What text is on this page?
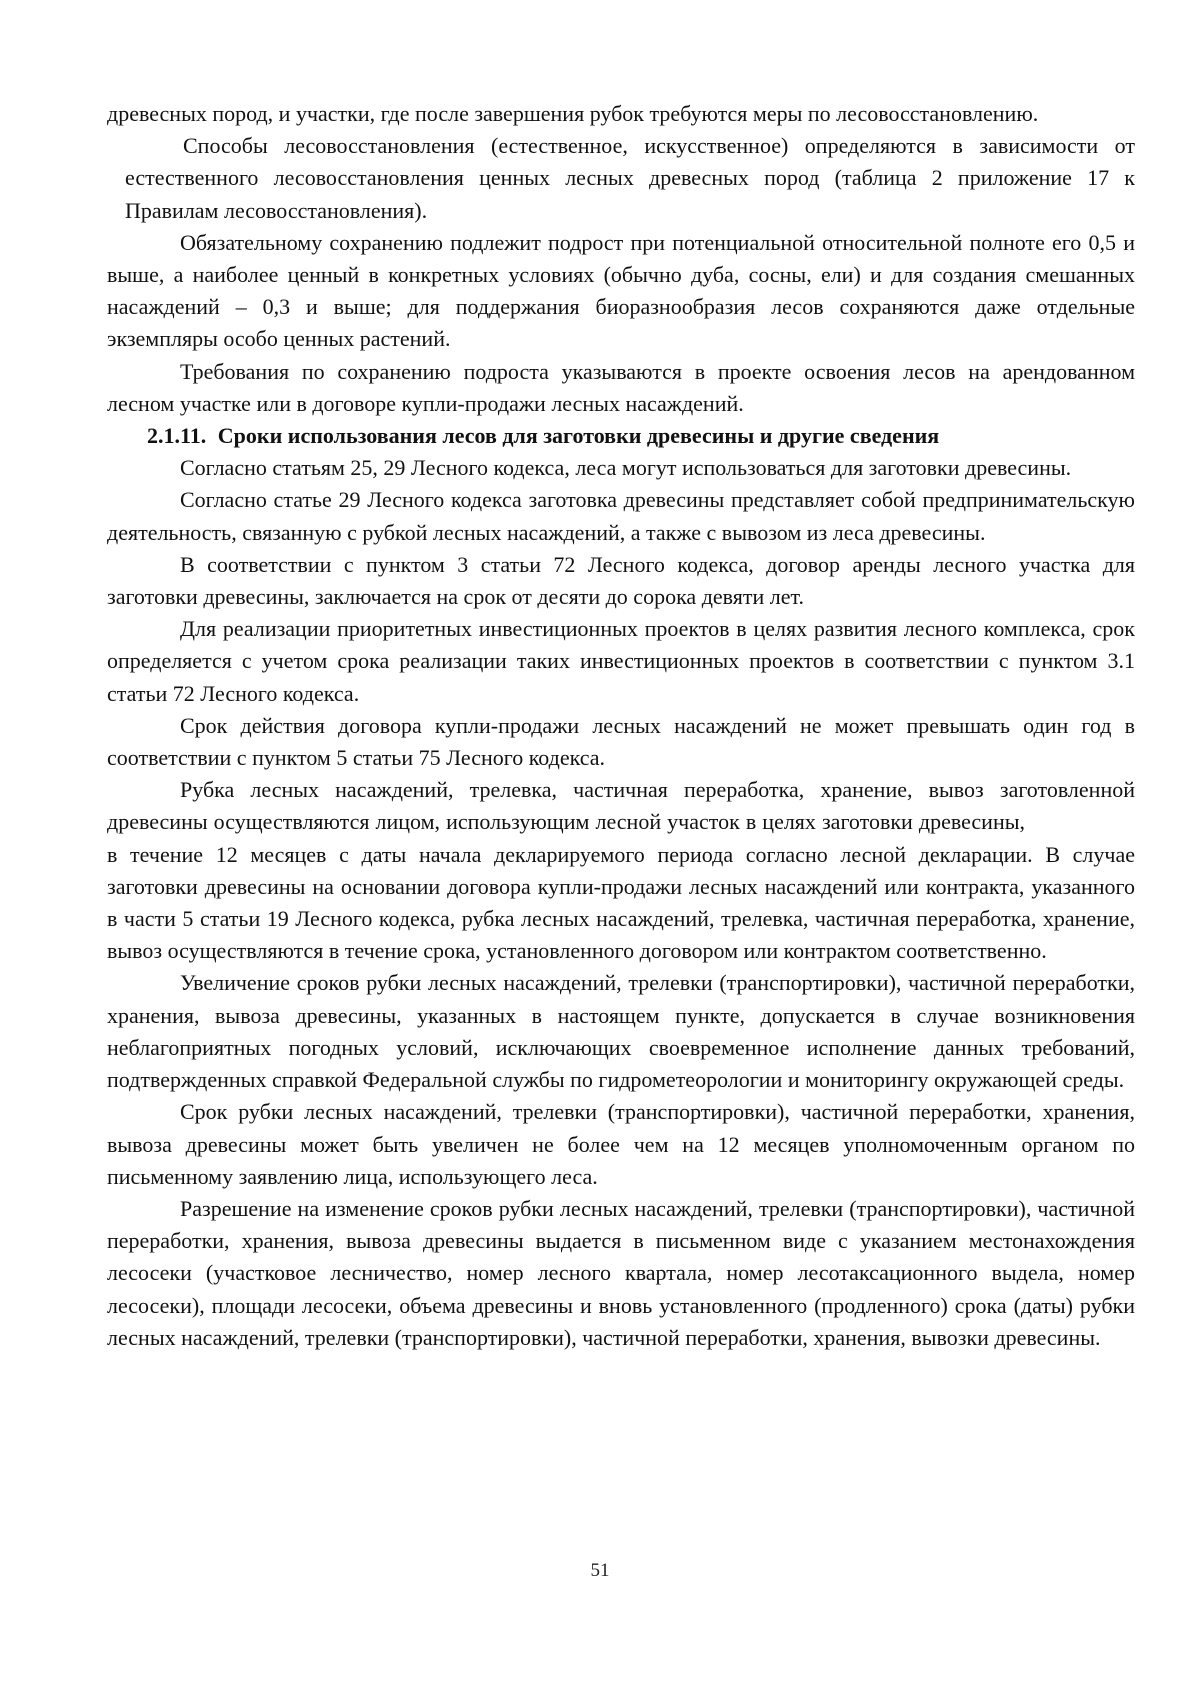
древесных пород, и участки, где после завершения рубок требуются меры по лесовосстановлению.

Способы лесовосстановления (естественное, искусственное) определяются в зависимости от естественного лесовосстановления ценных лесных древесных пород (таблица 2 приложение 17 к Правилам лесовосстановления).

Обязательному сохранению подлежит подрост при потенциальной относительной полноте его 0,5 и выше, а наиболее ценный в конкретных условиях (обычно дуба, сосны, ели) и для создания смешанных насаждений – 0,3 и выше; для поддержания биоразнообразия лесов сохраняются даже отдельные экземпляры особо ценных растений.

Требования по сохранению подроста указываются в проекте освоения лесов на арендованном лесном участке или в договоре купли-продажи лесных насаждений.

2.1.11. Сроки использования лесов для заготовки древесины и другие сведения

Согласно статьям 25, 29 Лесного кодекса, леса могут использоваться для заготовки древесины.

Согласно статье 29 Лесного кодекса заготовка древесины представляет собой предпринимательскую деятельность, связанную с рубкой лесных насаждений, а также с вывозом из леса древесины.

В соответствии с пунктом 3 статьи 72 Лесного кодекса, договор аренды лесного участка для заготовки древесины, заключается на срок от десяти до сорока девяти лет.

Для реализации приоритетных инвестиционных проектов в целях развития лесного комплекса, срок определяется с учетом срока реализации таких инвестиционных проектов в соответствии с пунктом 3.1 статьи 72 Лесного кодекса.

Срок действия договора купли-продажи лесных насаждений не может превышать один год в соответствии с пунктом 5 статьи 75 Лесного кодекса.

Рубка лесных насаждений, трелевка, частичная переработка, хранение, вывоз заготовленной древесины осуществляются лицом, использующим лесной участок в целях заготовки древесины,в течение 12 месяцев с даты начала декларируемого периода согласно лесной декларации. В случае заготовки древесины на основании договора купли-продажи лесных насаждений или контракта, указанного в части 5 статьи 19 Лесного кодекса, рубка лесных насаждений, трелевка, частичная переработка, хранение, вывоз осуществляются в течение срока, установленного договором или контрактом соответственно.

Увеличение сроков рубки лесных насаждений, трелевки (транспортировки), частичной переработки, хранения, вывоза древесины, указанных в настоящем пункте, допускается в случае возникновения неблагоприятных погодных условий, исключающих своевременное исполнение данных требований, подтвержденных справкой Федеральной службы по гидрометеорологии и мониторингу окружающей среды.

Срок рубки лесных насаждений, трелевки (транспортировки), частичной переработки, хранения, вывоза древесины может быть увеличен не более чем на 12 месяцев уполномоченным органом по письменному заявлению лица, использующего леса.

Разрешение на изменение сроков рубки лесных насаждений, трелевки (транспортировки), частичной переработки, хранения, вывоза древесины выдается в письменном виде с указанием местонахождения лесосеки (участковое лесничество, номер лесного квартала, номер лесотаксационного выдела, номер лесосеки), площади лесосеки, объема древесины и вновь установленного (продленного) срока (даты) рубки лесных насаждений, трелевки (транспортировки), частичной переработки, хранения, вывозки древесины.

51
